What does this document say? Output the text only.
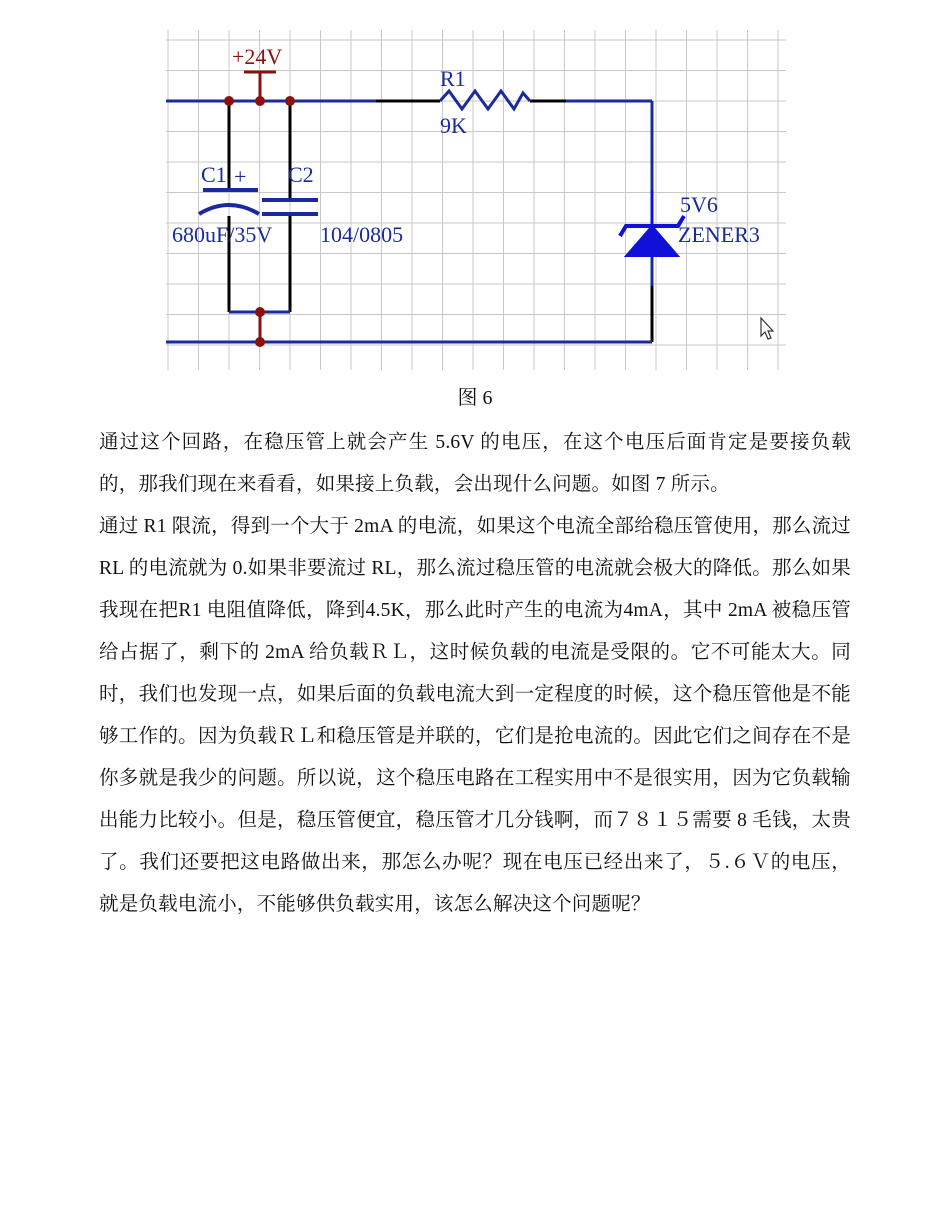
+24V
R1
9K
C1 +
680uF/35V
C2
104/0805
5V6
ZENER3
图 6

通过这个回路，在稳压管上就会产生 5.6V 的电压，在这个电压后面肯定是要接负载的，那我们现在来看看，如果接上负载，会出现什么问题。如图 7 所示。

通过 R1 限流，得到一个大于 2mA 的电流，如果这个电流全部给稳压管使用，那么流过 RL 的电流就为 0.如果非要流过 RL，那么流过稳压管的电流就会极大的降低。那么如果我现在把R1 电阻值降低，降到4.5K，那么此时产生的电流为4mA，其中 2mA 被稳压管给占据了，剩下的 2mA 给负载ＲＬ，这时候负载的电流是受限的。它不可能太大。同时，我们也发现一点，如果后面的负载电流大到一定程度的时候，这个稳压管他是不能够工作的。因为负载ＲＬ和稳压管是并联的，它们是抢电流的。因此它们之间存在不是你多就是我少的问题。所以说，这个稳压电路在工程实用中不是很实用，因为它负载输出能力比较小。但是，稳压管便宜，稳压管才几分钱啊，而７８１５需要 8 毛钱，太贵了。我们还要把这电路做出来，那怎么办呢？现在电压已经出来了，５.６Ｖ的电压，就是负载电流小，不能够供负载实用，该怎么解决这个问题呢？
